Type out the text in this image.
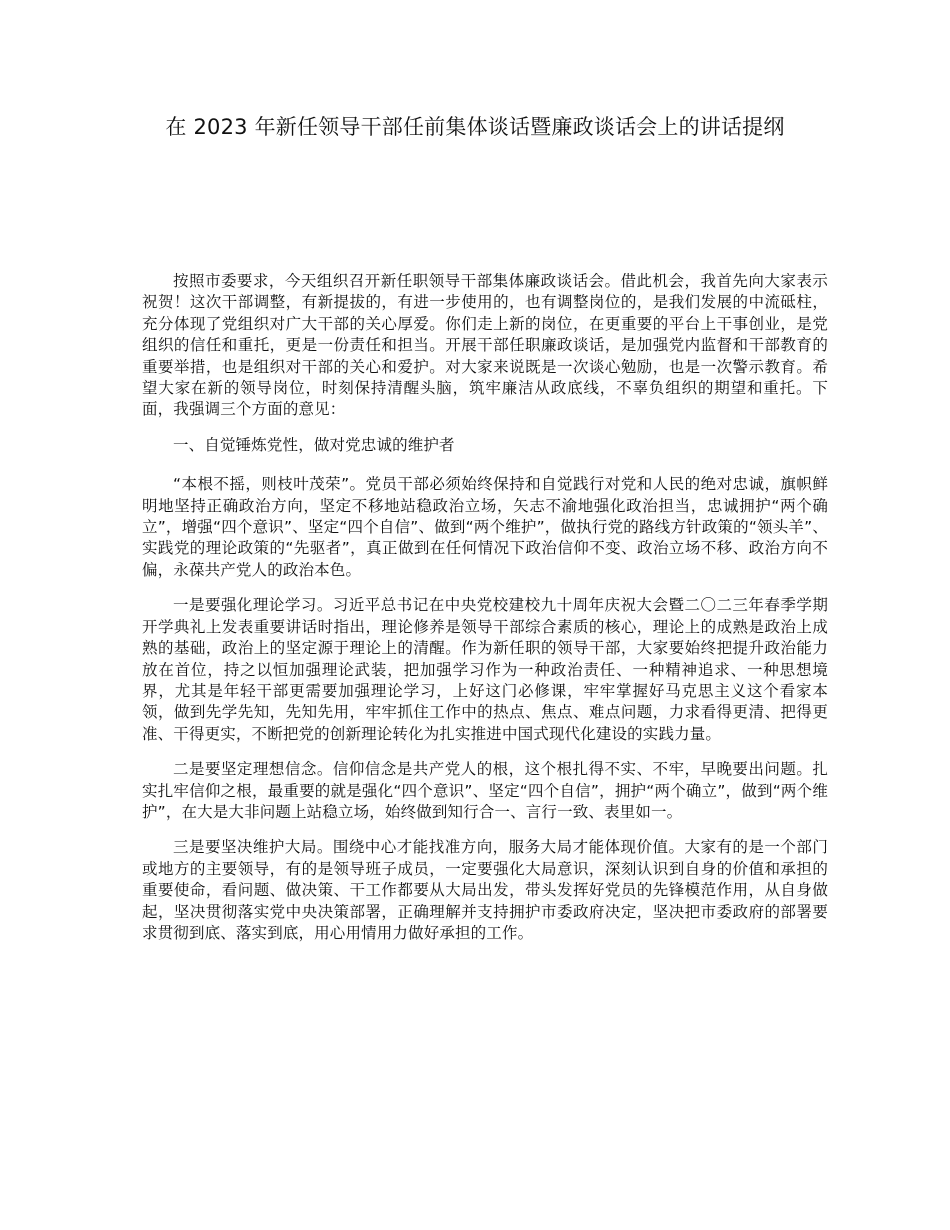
在 2023 年新任领导干部任前集体谈话暨廉政谈话会上的讲话提纲

按照市委要求，今天组织召开新任职领导干部集体廉政谈话会。借此机会，我首先向大家表示祝贺！这次干部调整，有新提拔的，有进一步使用的，也有调整岗位的，是我们发展的中流砥柱，充分体现了党组织对广大干部的关心厚爱。你们走上新的岗位，在更重要的平台上干事创业，是党组织的信任和重托，更是一份责任和担当。开展干部任职廉政谈话，是加强党内监督和干部教育的重要举措，也是组织对干部的关心和爱护。对大家来说既是一次谈心勉励，也是一次警示教育。希望大家在新的领导岗位，时刻保持清醒头脑，筑牢廉洁从政底线，不辜负组织的期望和重托。下面，我强调三个方面的意见：

一、自觉锤炼党性，做对党忠诚的维护者

“本根不摇，则枝叶茂荣”。党员干部必须始终保持和自觉践行对党和人民的绝对忠诚，旗帜鲜明地坚持正确政治方向，坚定不移地站稳政治立场，矢志不渝地强化政治担当，忠诚拥护“两个确立”，增强“四个意识”、坚定“四个自信”、做到“两个维护”，做执行党的路线方针政策的“领头羊”、实践党的理论政策的“先驱者”，真正做到在任何情况下政治信仰不变、政治立场不移、政治方向不偏，永葆共产党人的政治本色。

一是要强化理论学习。习近平总书记在中央党校建校九十周年庆祝大会暨二〇二三年春季学期开学典礼上发表重要讲话时指出，理论修养是领导干部综合素质的核心，理论上的成熟是政治上成熟的基础，政治上的坚定源于理论上的清醒。作为新任职的领导干部，大家要始终把提升政治能力放在首位，持之以恒加强理论武装，把加强学习作为一种政治责任、一种精神追求、一种思想境界，尤其是年轻干部更需要加强理论学习，上好这门必修课，牢牢掌握好马克思主义这个看家本领，做到先学先知，先知先用，牢牢抓住工作中的热点、焦点、难点问题，力求看得更清、把得更准、干得更实，不断把党的创新理论转化为扎实推进中国式现代化建设的实践力量。

二是要坚定理想信念。信仰信念是共产党人的根，这个根扎得不实、不牢，早晚要出问题。扎实扎牢信仰之根，最重要的就是强化“四个意识”、坚定“四个自信”，拥护“两个确立”，做到“两个维护”，在大是大非问题上站稳立场，始终做到知行合一、言行一致、表里如一。

三是要坚决维护大局。围绕中心才能找准方向，服务大局才能体现价值。大家有的是一个部门或地方的主要领导，有的是领导班子成员，一定要强化大局意识，深刻认识到自身的价值和承担的重要使命，看问题、做决策、干工作都要从大局出发，带头发挥好党员的先锋模范作用，从自身做起，坚决贯彻落实党中央决策部署，正确理解并支持拥护市委政府决定，坚决把市委政府的部署要求贯彻到底、落实到底，用心用情用力做好承担的工作。
